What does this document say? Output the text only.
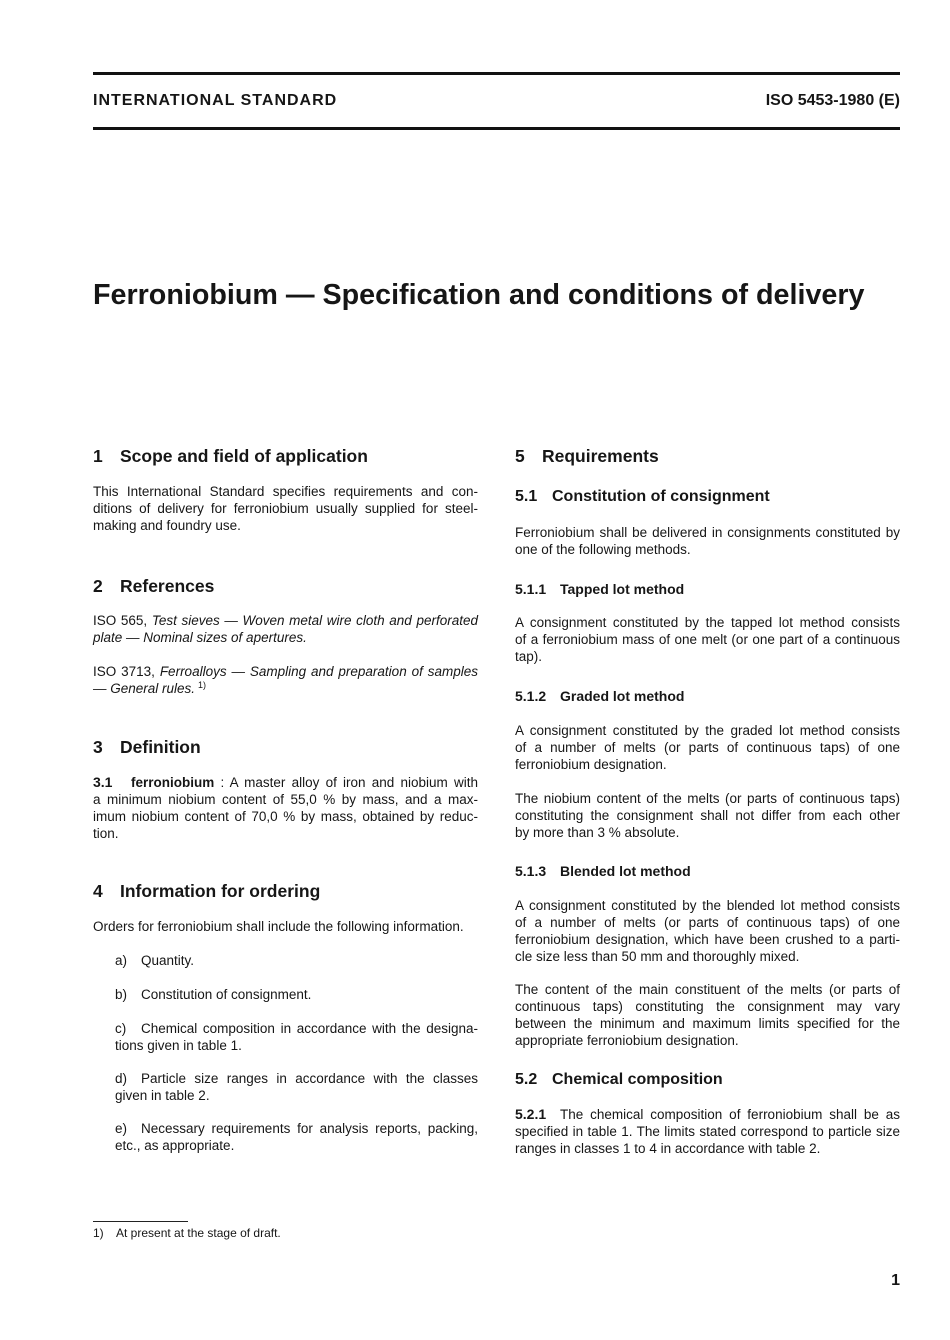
INTERNATIONAL STANDARD	ISO 5453-1980 (E)
Ferroniobium — Specification and conditions of delivery
1 Scope and field of application
This International Standard specifies requirements and con-
ditions of delivery for ferroniobium usually supplied for steel-
making and foundry use.
2 References
ISO 565, Test sieves — Woven metal wire cloth and perforated
plate — Nominal sizes of apertures.
ISO 3713, Ferroalloys — Sampling and preparation of samples
— General rules. $^{1)}$
3 Definition
3.1 ferroniobium : A master alloy of iron and niobium with
a minimum niobium content of 55,0 % by mass, and a max-
imum niobium content of 70,0 % by mass, obtained by reduc-
tion.
4 Information for ordering
Orders for ferroniobium shall include the following information.
a) Quantity.
b) Constitution of consignment.
c) Chemical composition in accordance with the designa-
tions given in table 1.
d) Particle size ranges in accordance with the classes
given in table 2.
e) Necessary requirements for analysis reports, packing,
etc., as appropriate.
5 Requirements
5.1 Constitution of consignment
Ferroniobium shall be delivered in consignments constituted by
one of the following methods.
5.1.1 Tapped lot method
A consignment constituted by the tapped lot method consists
of a ferroniobium mass of one melt (or one part of a continuous
tap).
5.1.2 Graded lot method
A consignment constituted by the graded lot method consists
of a number of melts (or parts of continuous taps) of one
ferroniobium designation.
The niobium content of the melts (or parts of continuous taps)
constituting the consignment shall not differ from each other
by more than 3 % absolute.
5.1.3 Blended lot method
A consignment constituted by the blended lot method consists
of a number of melts (or parts of continuous taps) of one
ferroniobium designation, which have been crushed to a parti-
cle size less than 50 mm and thoroughly mixed.
The content of the main constituent of the melts (or parts of
continuous taps) constituting the consignment may vary
between the minimum and maximum limits specified for the
appropriate ferroniobium designation.
5.2 Chemical composition
5.2.1 The chemical composition of ferroniobium shall be as
specified in table 1. The limits stated correspond to particle size
ranges in classes 1 to 4 in accordance with table 2.
1) At present at the stage of draft.
1
